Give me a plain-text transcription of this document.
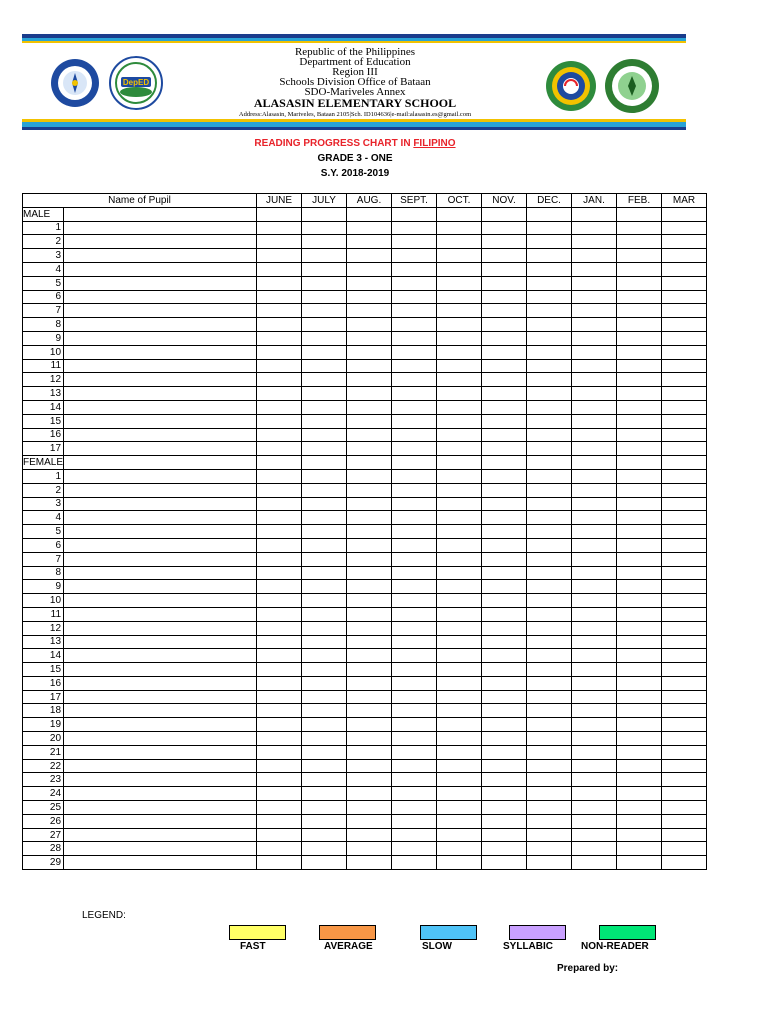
DepED
Republic of the Philippines
Department of Education
Region III
Schools Division Office of Bataan
SDO-Mariveles Annex
ALASASIN ELEMENTARY SCHOOL
Address:Alasasin, Mariveles, Bataan 2105|Sch. ID104636|e-mail:alasasin.es@gmail.com
READING PROGRESS CHART IN FILIPINO
GRADE 3 - ONE
S.Y. 2018-2019
Name of Pupil		JUNE	JULY	AUG.	SEPT.	OCT.	NOV.	DEC.	JAN.	FEB.	MAR
MALE											
1											
2											
3											
4											
5											
6											
7											
8											
9											
10											
11											
12											
13											
14											
15											
16											
17											
FEMALE											
1											
2											
3											
4											
5											
6											
7											
8											
9											
10											
11											
12											
13											
14											
15											
16											
17											
18											
19											
20											
21											
22											
23											
24											
25											
26											
27											
28											
29											
LEGEND:
FAST	AVERAGE	SLOW	SYLLABIC	NON-READER
Prepared by:
